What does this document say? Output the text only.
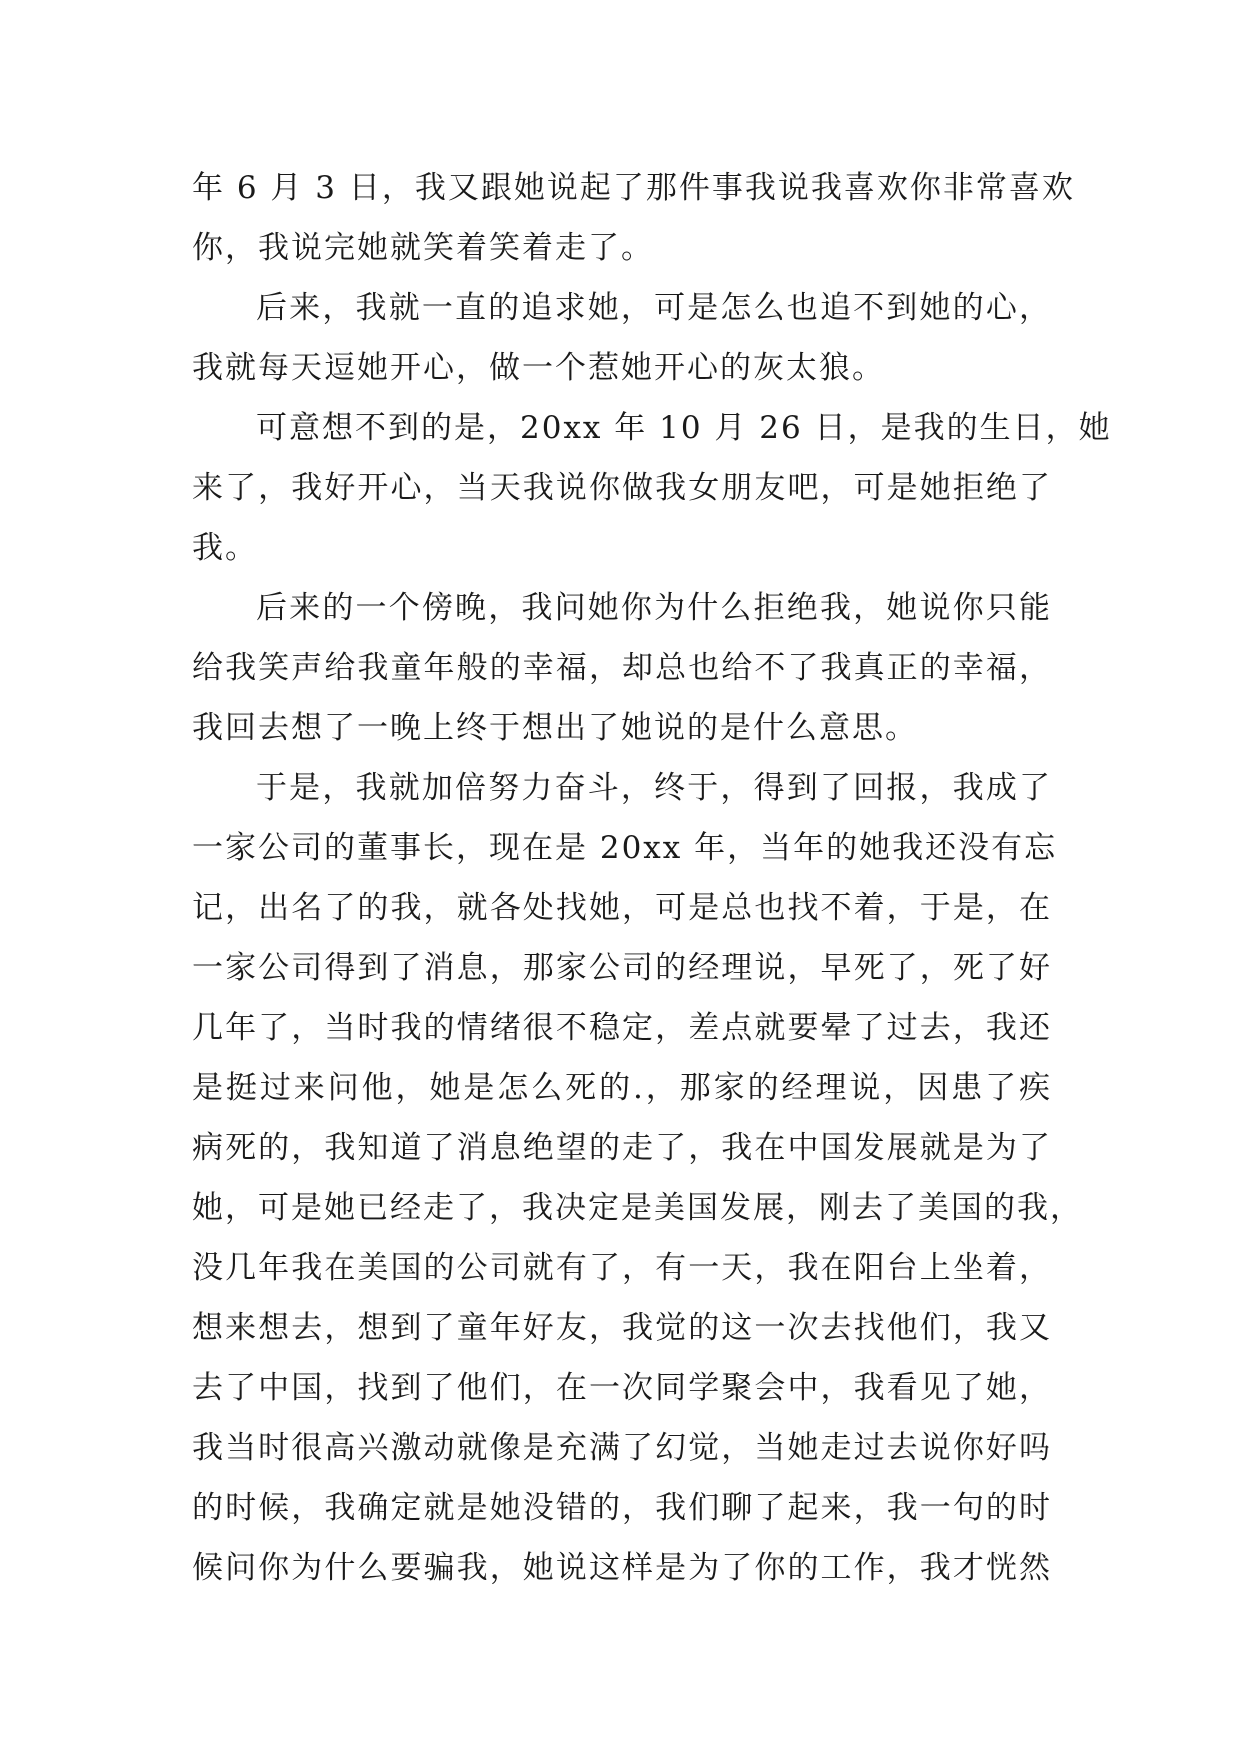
年 6 月 3 日，我又跟她说起了那件事我说我喜欢你非常喜欢
你，我说完她就笑着笑着走了。
后来，我就一直的追求她，可是怎么也追不到她的心，
我就每天逗她开心，做一个惹她开心的灰太狼。
可意想不到的是，20xx 年 10 月 26 日，是我的生日，她
来了，我好开心，当天我说你做我女朋友吧，可是她拒绝了
我。
后来的一个傍晚，我问她你为什么拒绝我，她说你只能
给我笑声给我童年般的幸福，却总也给不了我真正的幸福，
我回去想了一晚上终于想出了她说的是什么意思。
于是，我就加倍努力奋斗，终于，得到了回报，我成了
一家公司的董事长，现在是 20xx 年，当年的她我还没有忘
记，出名了的我，就各处找她，可是总也找不着，于是，在
一家公司得到了消息，那家公司的经理说，早死了，死了好
几年了，当时我的情绪很不稳定，差点就要晕了过去，我还
是挺过来问他，她是怎么死的.，那家的经理说，因患了疾
病死的，我知道了消息绝望的走了，我在中国发展就是为了
她，可是她已经走了，我决定是美国发展，刚去了美国的我，
没几年我在美国的公司就有了，有一天，我在阳台上坐着，
想来想去，想到了童年好友，我觉的这一次去找他们，我又
去了中国，找到了他们，在一次同学聚会中，我看见了她，
我当时很高兴激动就像是充满了幻觉，当她走过去说你好吗
的时候，我确定就是她没错的，我们聊了起来，我一句的时
候问你为什么要骗我，她说这样是为了你的工作，我才恍然
